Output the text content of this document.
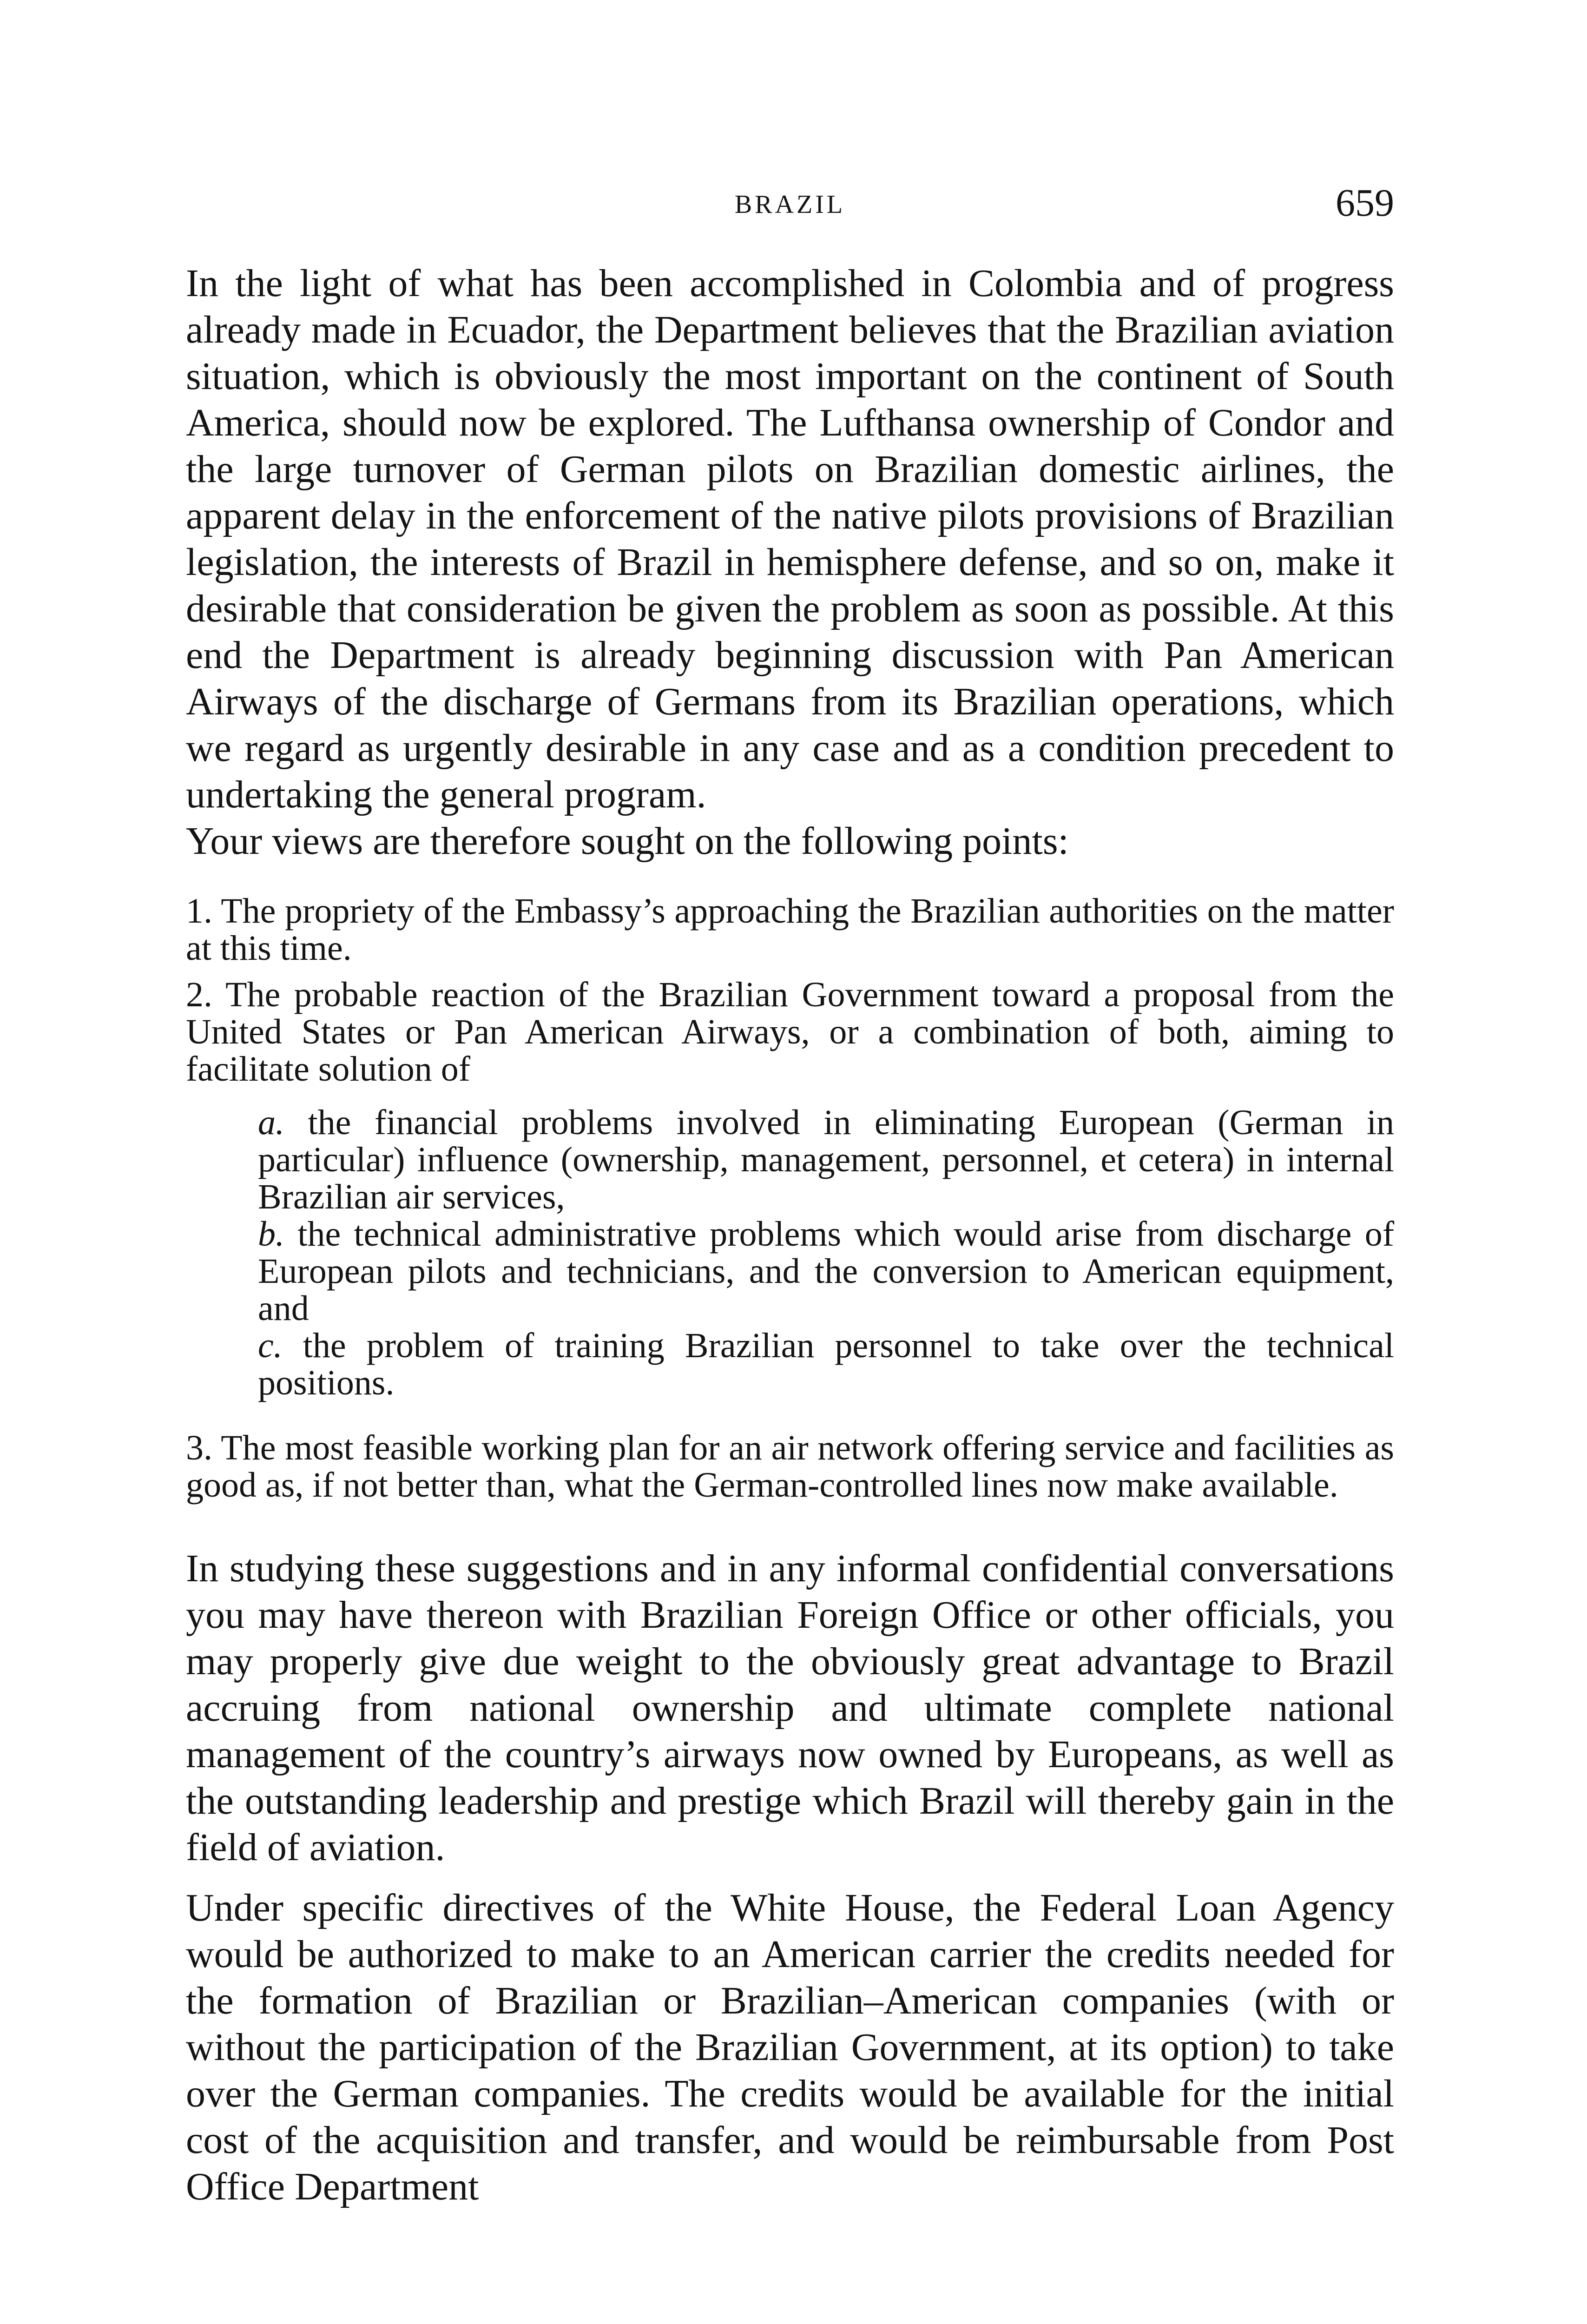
BRAZIL	659

In the light of what has been accomplished in Colombia and of progress already made in Ecuador, the Department believes that the Brazilian aviation situation, which is obviously the most important on the continent of South America, should now be explored. The Lufthansa ownership of Condor and the large turnover of German pilots on Brazilian domestic airlines, the apparent delay in the enforcement of the native pilots provisions of Brazilian legislation, the interests of Brazil in hemisphere defense, and so on, make it desirable that consideration be given the problem as soon as possible. At this end the Department is already beginning discussion with Pan American Airways of the discharge of Germans from its Brazilian operations, which we regard as urgently desirable in any case and as a condition precedent to undertaking the general program.

Your views are therefore sought on the following points:

1. The propriety of the Embassy’s approaching the Brazilian authorities on the matter at this time.

2. The probable reaction of the Brazilian Government toward a proposal from the United States or Pan American Airways, or a combination of both, aiming to facilitate solution of

a. the financial problems involved in eliminating European (German in particular) influence (ownership, management, personnel, et cetera) in internal Brazilian air services,

b. the technical administrative problems which would arise from discharge of European pilots and technicians, and the conversion to American equipment, and

c. the problem of training Brazilian personnel to take over the technical positions.

3. The most feasible working plan for an air network offering service and facilities as good as, if not better than, what the German-controlled lines now make available.

In studying these suggestions and in any informal confidential conversations you may have thereon with Brazilian Foreign Office or other officials, you may properly give due weight to the obviously great advantage to Brazil accruing from national ownership and ultimate complete national management of the country’s airways now owned by Europeans, as well as the outstanding leadership and prestige which Brazil will thereby gain in the field of aviation.

Under specific directives of the White House, the Federal Loan Agency would be authorized to make to an American carrier the credits needed for the formation of Brazilian or Brazilian–American companies (with or without the participation of the Brazilian Government, at its option) to take over the German companies. The credits would be available for the initial cost of the acquisition and transfer, and would be reimbursable from Post Office Department
